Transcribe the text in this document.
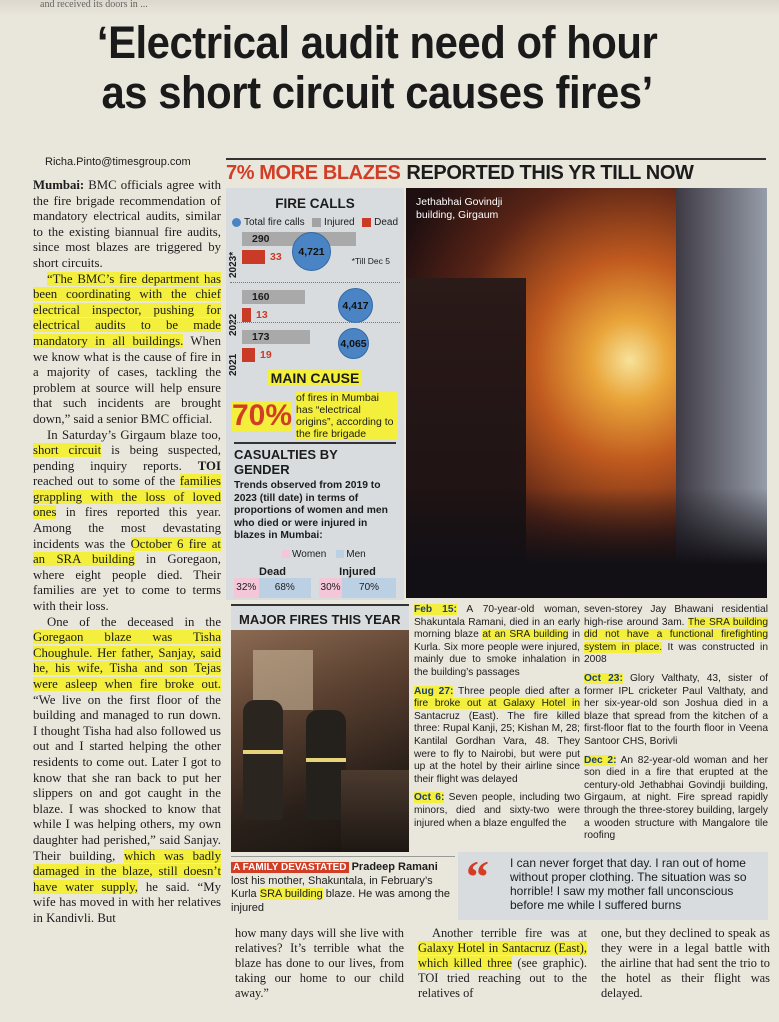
and received its doors in ...
‘Electrical audit need of hour
as short circuit causes fires’
Richa.Pinto@timesgroup.com

Mumbai: BMC officials agree with the fire brigade recommendation of mandatory electrical audits, similar to the existing biannual fire audits, since most blazes are triggered by short circuits.

“The BMC’s fire department has been coordinating with the chief electrical inspector, pushing for electrical audits to be made mandatory in all buildings. When we know what is the cause of fire in a majority of cases, tackling the problem at source will help ensure that such incidents are brought down,” said a senior BMC official.

In Saturday’s Girgaum blaze too, short circuit is being suspected, pending inquiry reports. TOI reached out to some of the families grappling with the loss of loved ones in fires reported this year. Among the most devastating incidents was the October 6 fire at an SRA building in Goregaon, where eight people died. Their families are yet to come to terms with their loss.

One of the deceased in the Goregaon blaze was Tisha Choughule. Her father, Sanjay, said he, his wife, Tisha and son Tejas were asleep when fire broke out. “We live on the first floor of the building and managed to run down. I thought Tisha had also followed us out and I started helping the other residents to come out. Later I got to know that she ran back to put her slippers on and got caught in the blaze. I was shocked to know that while I was helping others, my own daughter had perished,” said Sanjay. Their building, which was badly damaged in the blaze, still doesn’t have water supply, he said. “My wife has moved in with her relatives in Kandivli. But

7% MORE BLAZES REPORTED THIS YR TILL NOW
FIRE CALLS
Total fire calls Injured Dead
2023*
290
33	4,721
*Till Dec 5
2022
160
13
4,417
2021
173
19
4,065
MAIN CAUSE
70%
of fires in Mumbai has “electrical origins”, according to the fire brigade
CASUALTIES BY GENDER
Trends observed from 2019 to 2023 (till date) in terms of proportions of women and men who died or were injured in blazes in Mumbai:
Women	Men
Dead
32%	68%
Injured
30%	70%
Jethabhai Govindji building, Girgaum
MAJOR FIRES THIS YEAR
Feb 15: A 70-year-old woman, Shakuntala Ramani, died in an early morning blaze at an SRA building in Kurla. Six more people were injured, mainly due to smoke inhalation in the building’s passages
Aug 27: Three people died after a fire broke out at Galaxy Hotel in Santacruz (East). The fire killed three: Rupal Kanji, 25; Kishan M, 28; Kantilal Gordhan Vara, 48. They were to fly to Nairobi, but were put up at the hotel by their airline since their flight was delayed
Oct 6: Seven people, including two minors, died and sixty-two were injured when a blaze engulfed the
seven-storey Jay Bhawani residential high-rise around 3am. The SRA building did not have a functional firefighting system in place. It was constructed in 2008
Oct 23: Glory Valthaty, 43, sister of former IPL cricketer Paul Valthaty, and her six-year-old son Joshua died in a blaze that spread from the kitchen of a first-floor flat to the fourth floor in Veena Santoor CHS, Borivli
Dec 2: An 82-year-old woman and her son died in a fire that erupted at the century-old Jethabhai Govindji building, Girgaum, at night. Fire spread rapidly through the three-storey building, largely a wooden structure with Mangalore tile roofing
A FAMILY DEVASTATED Pradeep Ramani lost his mother, Shakuntala, in February’s Kurla SRA building blaze. He was among the injured
“ I can never forget that day. I ran out of home without proper clothing. The situation was so horrible! I saw my mother fall unconscious before me while I suffered burns

how many days will she live with relatives? It’s terrible what the blaze has done to our lives, from taking our home to our child away.”

Another terrible fire was at Galaxy Hotel in Santacruz (East), which killed three (see graphic). TOI tried reaching out to the relatives of

one, but they declined to speak as they were in a legal battle with the airline that had sent the trio to the hotel as their flight was delayed.
